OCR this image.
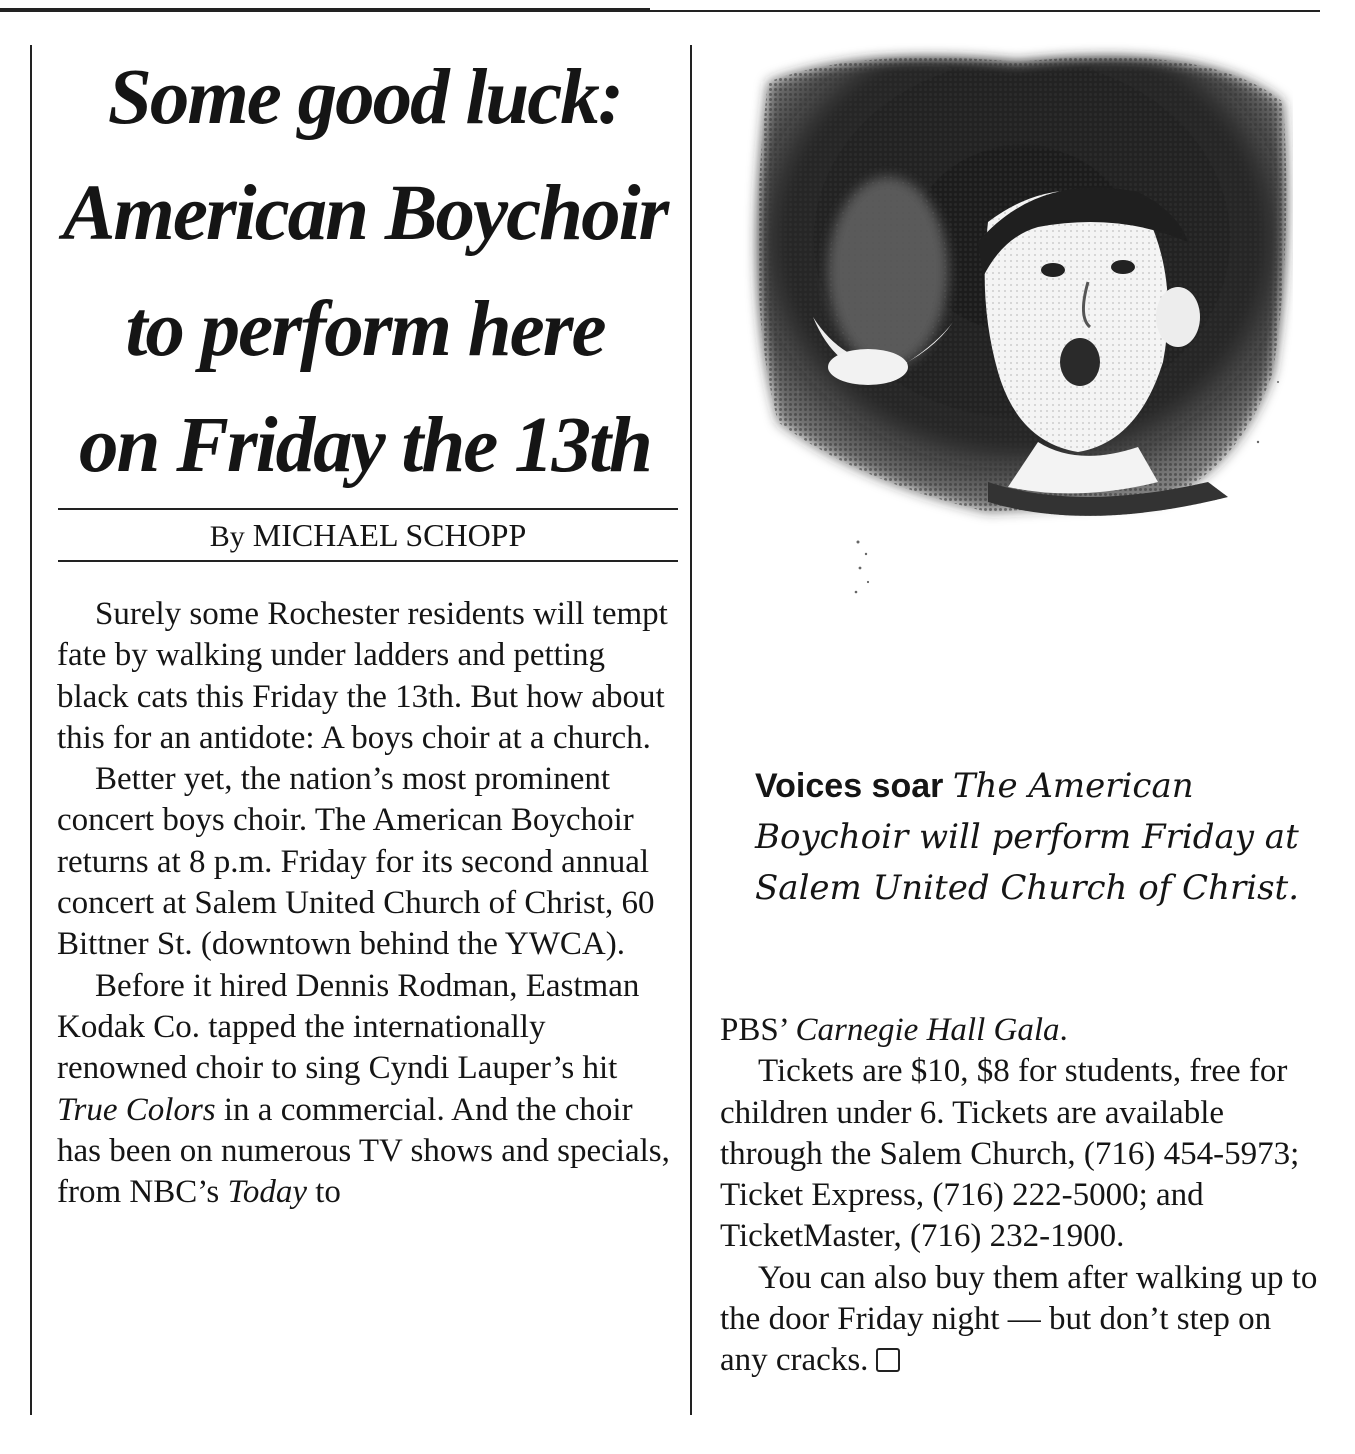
Some good luck:
American Boychoir
to perform here
on Friday the 13th
By MICHAEL SCHOPP

Surely some Rochester residents will tempt fate by walking under ladders and petting black cats this Friday the 13th. But how about this for an antidote: A boys choir at a church.

Better yet, the nation’s most prominent concert boys choir. The American Boychoir returns at 8 p.m. Friday for its second annual concert at Salem United Church of Christ, 60 Bittner St. (downtown behind the YWCA).

Before it hired Dennis Rodman, Eastman Kodak Co. tapped the internationally renowned choir to sing Cyndi Lauper’s hit True Colors in a commercial. And the choir has been on numerous TV shows and specials, from NBC’s Today to

Voices soar The American Boychoir will perform Friday at Salem United Church of Christ.

PBS’ Carnegie Hall Gala.

Tickets are $10, $8 for students, free for children under 6. Tickets are available through the Salem Church, (716) 454-5973; Ticket Express, (716) 222-5000; and TicketMaster, (716) 232-1900.

You can also buy them after walking up to the door Friday night — but don’t step on any cracks.
